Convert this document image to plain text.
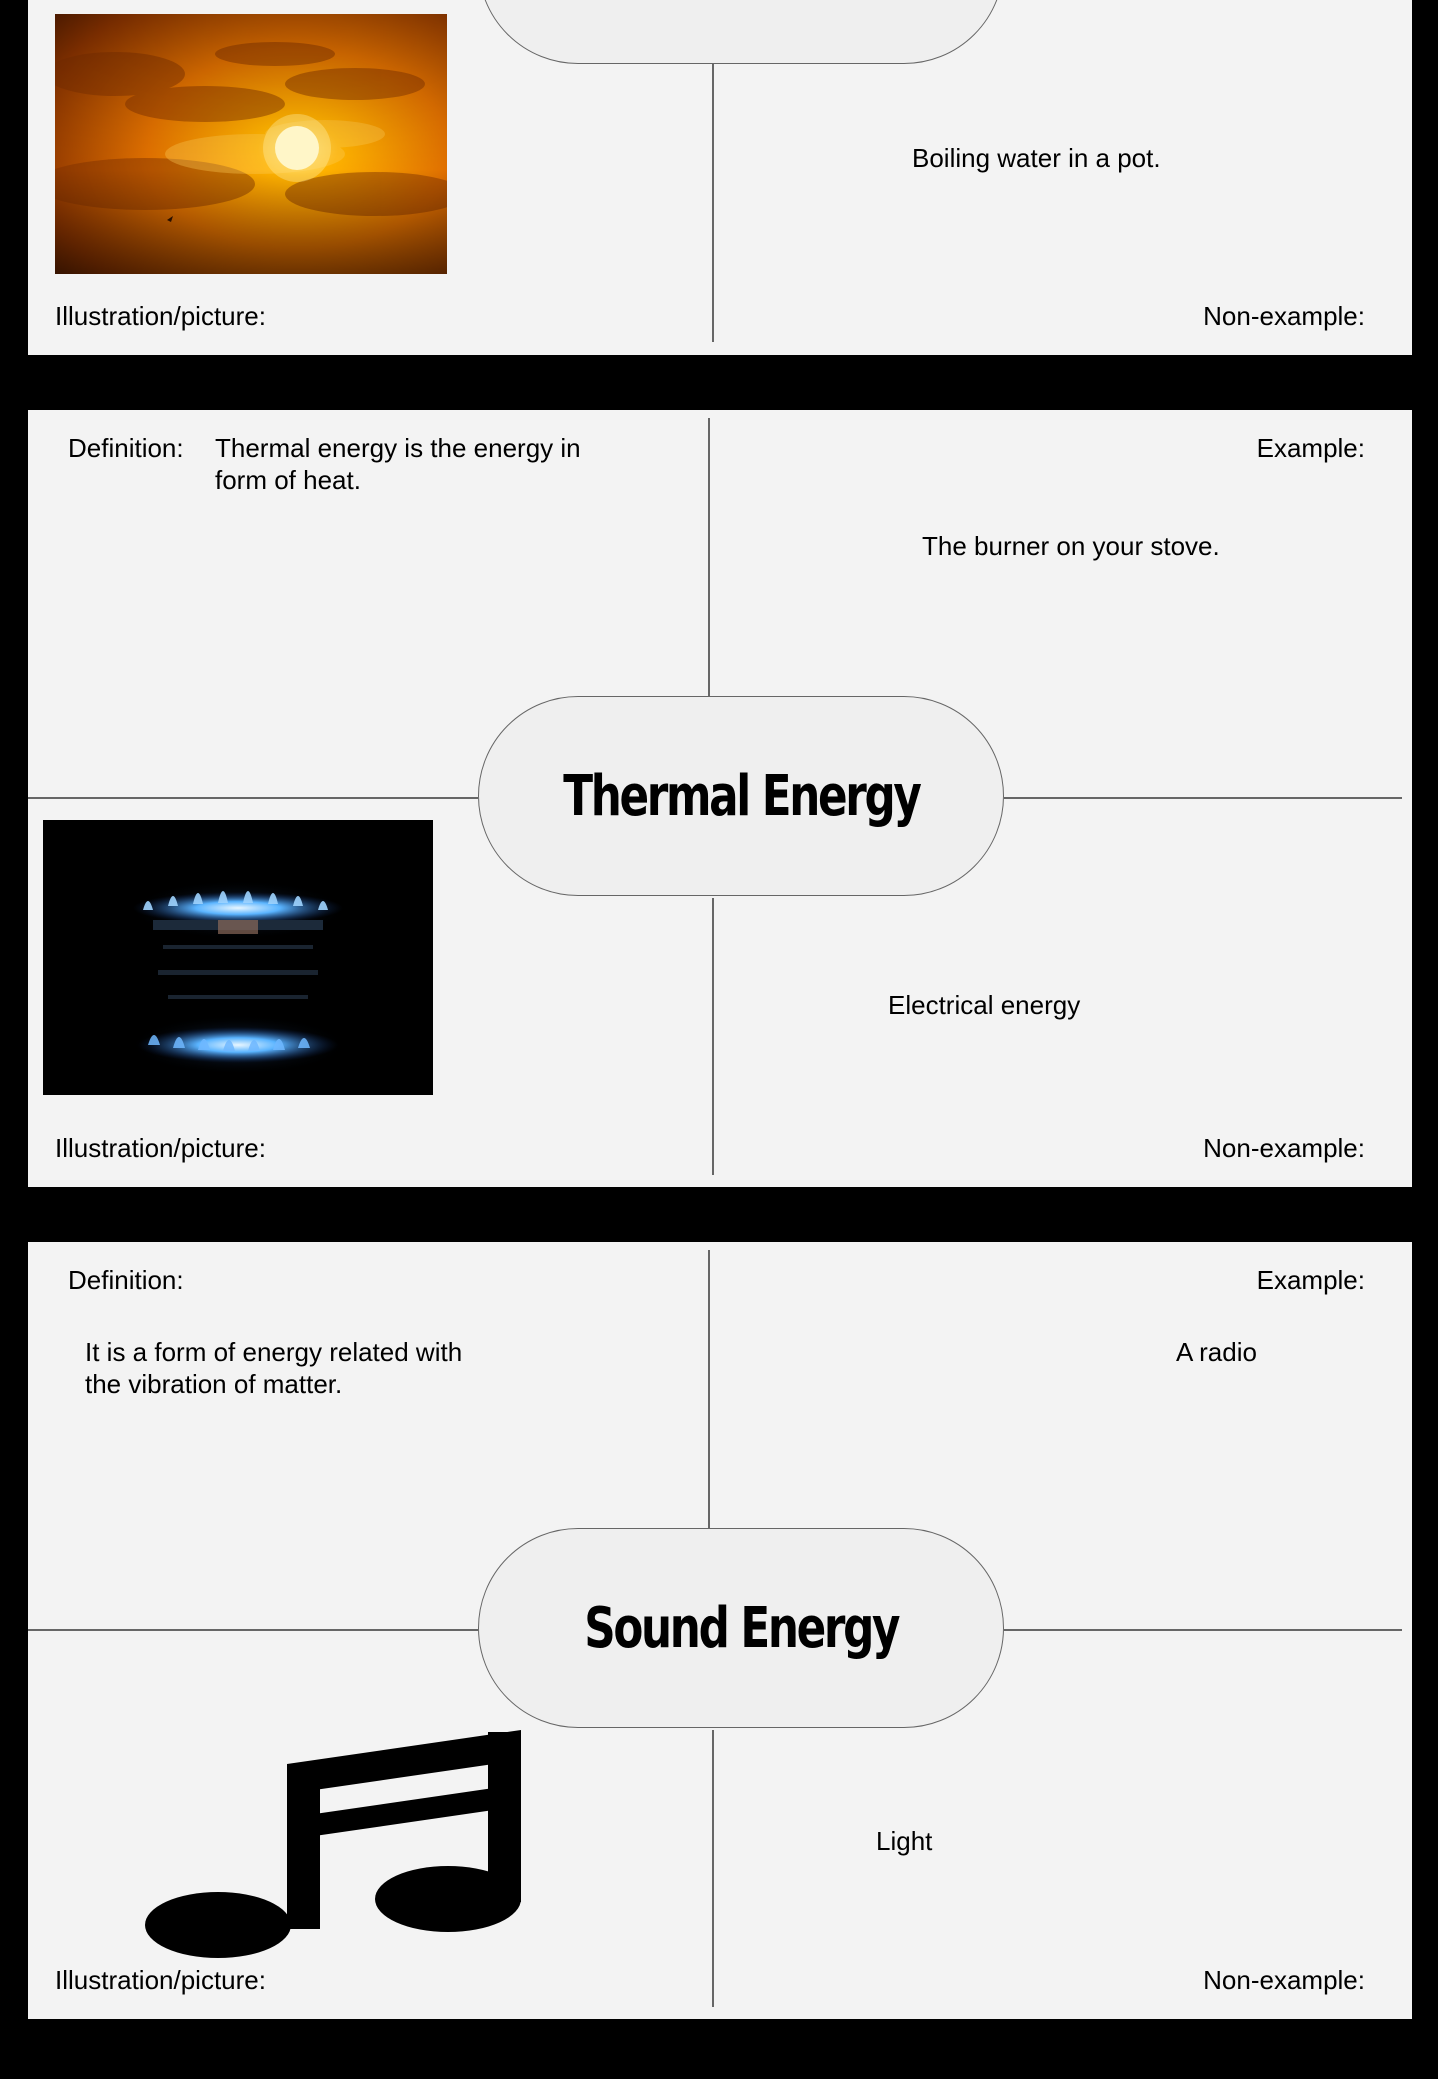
Boiling water in a pot.
Illustration/picture:	Non-example:
Thermal Energy
Definition: Thermal energy is the energy in
form of heat.
Example:
The burner on your stove.
Electrical energy
Illustration/picture:	Non-example:
Sound Energy
Definition:
It is a form of energy related with
the vibration of matter.
Example:
A radio
Light
Illustration/picture:	Non-example:
